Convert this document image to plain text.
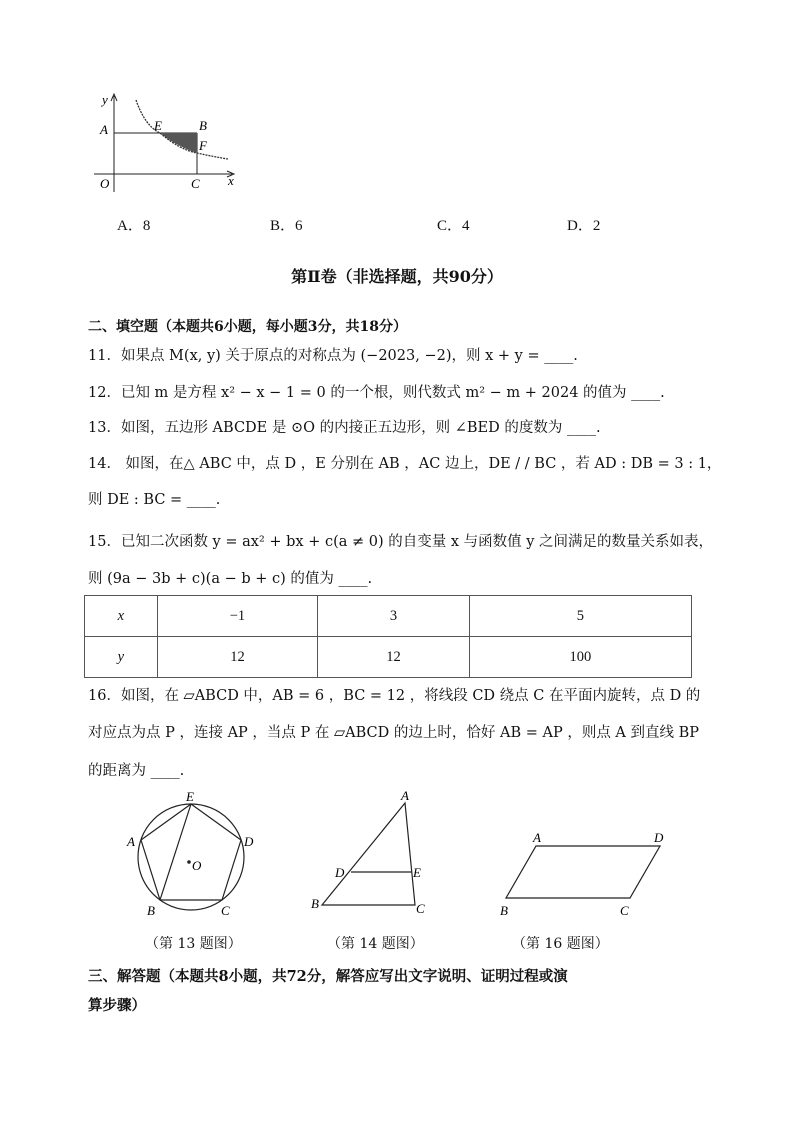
y
A	E	B
F
O	C x
A．8	B．6	C．4	D．2
第Ⅱ卷（非选择题，共90分）
二、填空题（本题共6小题，每小题3分，共18分）
11．如果点 M(x, y) 关于原点的对称点为 (−2023, −2)，则 x + y = ____.
12．已知 m 是方程 x² − x − 1 = 0 的一个根，则代数式 m² − m + 2024 的值为 ____.
13．如图，五边形 ABCDE 是 ⊙O 的内接正五边形，则 ∠BED 的度数为 ____.
14． 如图，在△ ABC 中，点 D ，E 分别在 AB ，AC 边上，DE / / BC ，若 AD : DB = 3 : 1，
则 DE : BC = ____.
15．已知二次函数 y = ax² + bx + c(a ≠ 0) 的自变量 x 与函数值 y 之间满足的数量关系如表，
则 (9a − 3b + c)(a − b + c) 的值为 ____.
x	−1	3	5
y	12	12	100
16．如图，在 ▱ABCD 中，AB = 6 ，BC = 12 ，将线段 CD 绕点 C 在平面内旋转，点 D 的
对应点为点 P ，连接 AP ，当点 P 在 ▱ABCD 的边上时，恰好 AB = AP ，则点 A 到直线 BP
的距离为 ____.
E
A	D
O
B	C
A
D	E
B	C
A	D
B	C
（第 13 题图）	（第 14 题图）	（第 16 题图）
三、解答题（本题共8小题，共72分，解答应写出文字说明、证明过程或演
算步骤）
